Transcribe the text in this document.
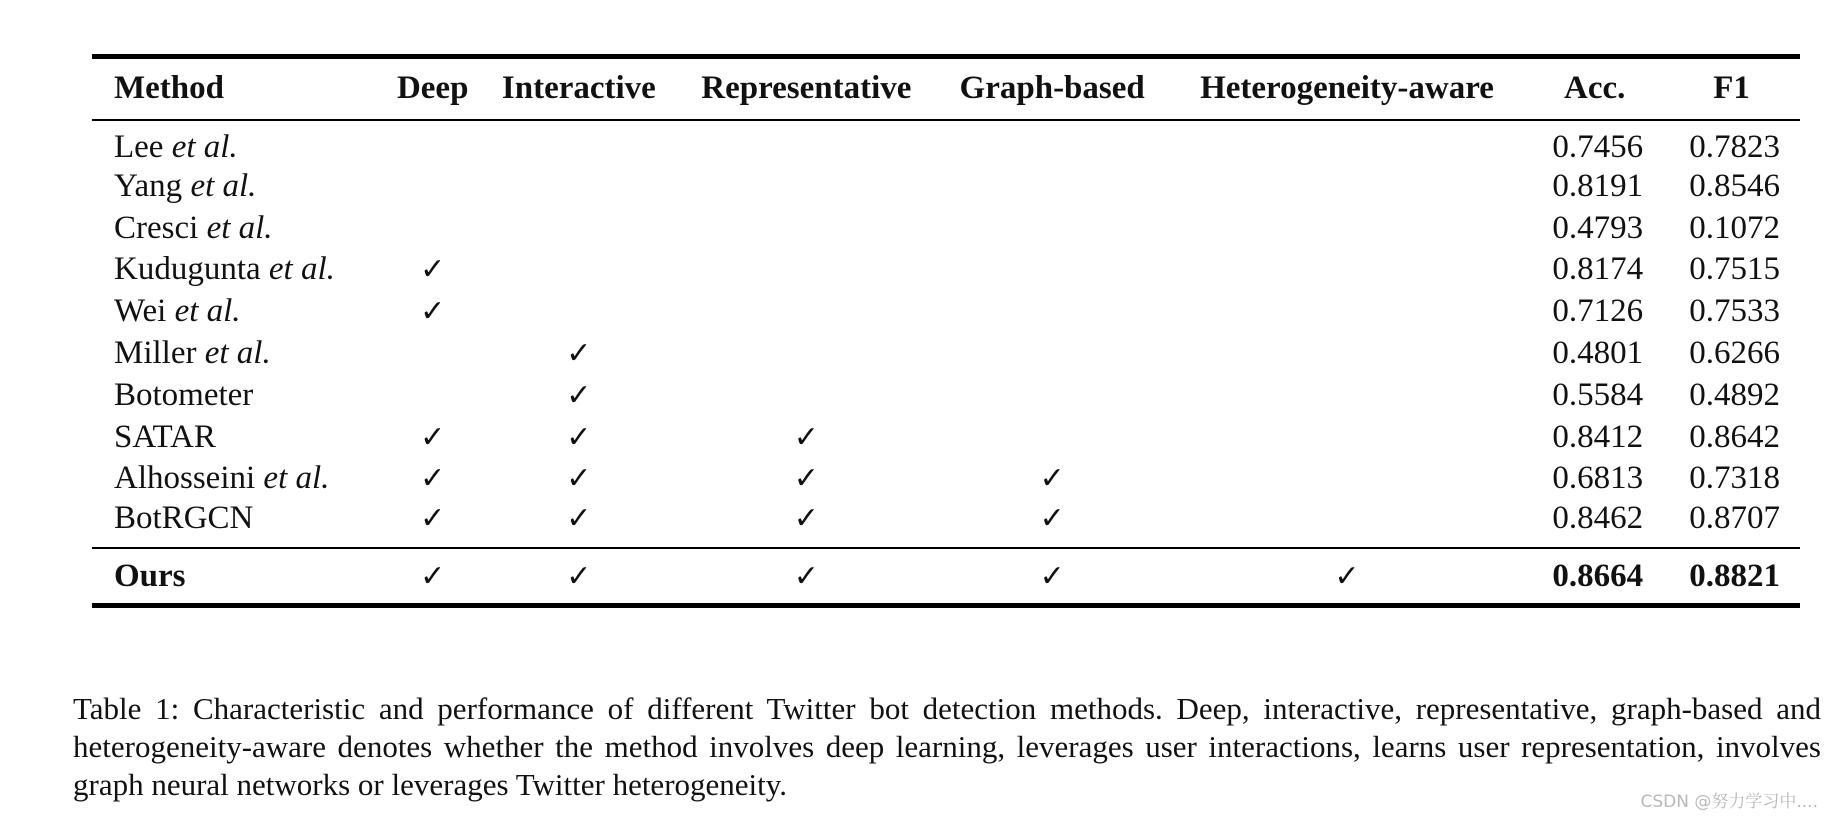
Method	Deep	Interactive	Representative	Graph-based	Heterogeneity-aware	Acc.	F1
Lee et al.						0.7456	0.7823
Yang et al.						0.8191	0.8546
Cresci et al.						0.4793	0.1072
Kudugunta et al.	✓					0.8174	0.7515
Wei et al.	✓					0.7126	0.7533
Miller et al.		✓				0.4801	0.6266
Botometer		✓				0.5584	0.4892
SATAR	✓	✓	✓			0.8412	0.8642
Alhosseini et al.	✓	✓	✓	✓		0.6813	0.7318
BotRGCN	✓	✓	✓	✓		0.8462	0.8707
Ours	✓	✓	✓	✓	✓	0.8664	0.8821

Table 1: Characteristic and performance of different Twitter bot detection methods. Deep, interactive, representative, graph-based and heterogeneity-aware denotes whether the method involves deep learning, leverages user interactions, learns user representation, involves graph neural networks or leverages Twitter heterogeneity.	CSDN @努力学习中....
